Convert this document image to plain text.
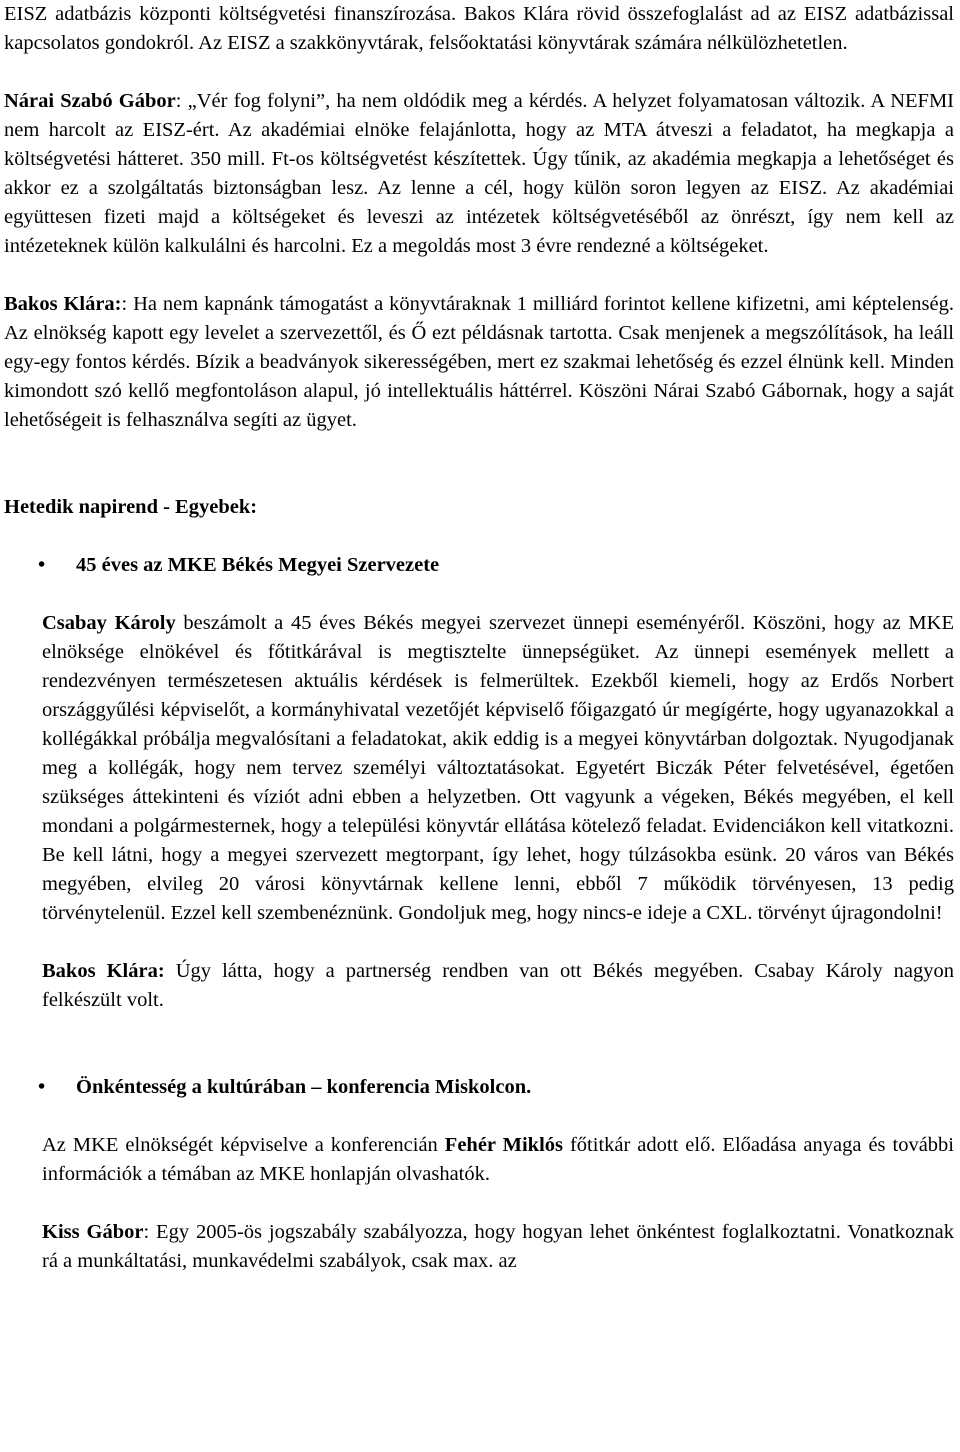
EISZ adatbázis központi költségvetési finanszírozása. Bakos Klára rövid összefoglalást ad az EISZ adatbázissal kapcsolatos gondokról. Az EISZ a szakkönyvtárak, felsőoktatási könyvtárak számára nélkülözhetetlen.

Nárai Szabó Gábor: „Vér fog folyni”, ha nem oldódik meg a kérdés. A helyzet folyamatosan változik. A NEFMI nem harcolt az EISZ-ért. Az akadémiai elnöke felajánlotta, hogy az MTA átveszi a feladatot, ha megkapja a költségvetési hátteret. 350 mill. Ft-os költségvetést készítettek. Úgy tűnik, az akadémia megkapja a lehetőséget és akkor ez a szolgáltatás biztonságban lesz. Az lenne a cél, hogy külön soron legyen az EISZ. Az akadémiai együttesen fizeti majd a költségeket és leveszi az intézetek költségvetéséből az önrészt, így nem kell az intézeteknek külön kalkulálni és harcolni. Ez a megoldás most 3 évre rendezné a költségeket.

Bakos Klára:: Ha nem kapnánk támogatást a könyvtáraknak 1 milliárd forintot kellene kifizetni, ami képtelenség. Az elnökség kapott egy levelet a szervezettől, és Ő ezt példásnak tartotta. Csak menjenek a megszólítások, ha leáll egy-egy fontos kérdés. Bízik a beadványok sikerességében, mert ez szakmai lehetőség és ezzel élnünk kell. Minden kimondott szó kellő megfontoláson alapul, jó intellektuális háttérrel. Köszöni Nárai Szabó Gábornak, hogy a saját lehetőségeit is felhasználva segíti az ügyet.

Hetedik napirend - Egyebek:

•	45 éves az MKE Békés Megyei Szervezete

Csabay Károly beszámolt a 45 éves Békés megyei szervezet ünnepi eseményéről. Köszöni, hogy az MKE elnöksége elnökével és főtitkárával is megtisztelte ünnepségüket. Az ünnepi események mellett a rendezvényen természetesen aktuális kérdések is felmerültek. Ezekből kiemeli, hogy az Erdős Norbert országgyűlési képviselőt, a kormányhivatal vezetőjét képviselő főigazgató úr megígérte, hogy ugyanazokkal a kollégákkal próbálja megvalósítani a feladatokat, akik eddig is a megyei könyvtárban dolgoztak. Nyugodjanak meg a kollégák, hogy nem tervez személyi változtatásokat. Egyetért Biczák Péter felvetésével, égetően szükséges áttekinteni és víziót adni ebben a helyzetben. Ott vagyunk a végeken, Békés megyében, el kell mondani a polgármesternek, hogy a települési könyvtár ellátása kötelező feladat. Evidenciákon kell vitatkozni. Be kell látni, hogy a megyei szervezett megtorpant, így lehet, hogy túlzásokba esünk. 20 város van Békés megyében, elvileg 20 városi könyvtárnak kellene lenni, ebből 7 működik törvényesen, 13 pedig törvénytelenül. Ezzel kell szembenéznünk. Gondoljuk meg, hogy nincs-e ideje a CXL. törvényt újragondolni!

Bakos Klára: Úgy látta, hogy a partnerség rendben van ott Békés megyében. Csabay Károly nagyon felkészült volt.

•	Önkéntesség a kultúrában – konferencia Miskolcon.

Az MKE elnökségét képviselve a konferencián Fehér Miklós főtitkár adott elő. Előadása anyaga és további információk a témában az MKE honlapján olvashatók.

Kiss Gábor: Egy 2005-ös jogszabály szabályozza, hogy hogyan lehet önkéntest foglalkoztatni. Vonatkoznak rá a munkáltatási, munkavédelmi szabályok, csak max. az
